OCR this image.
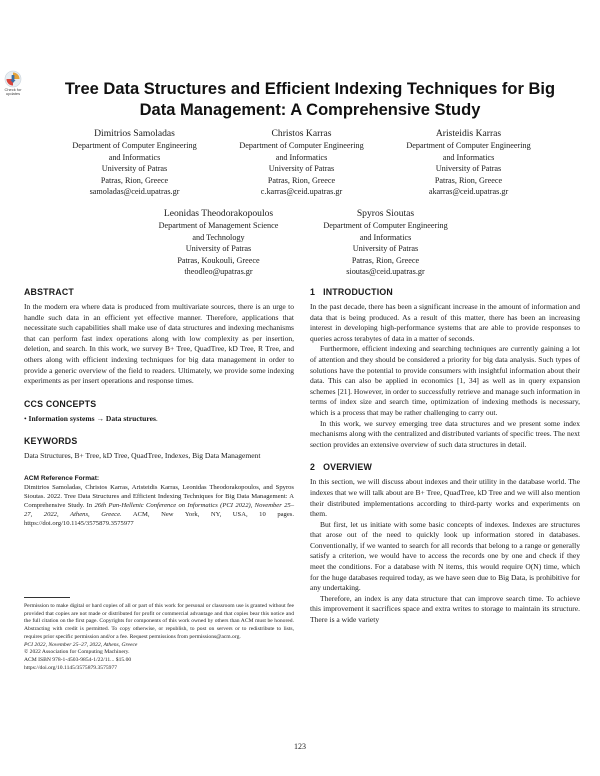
Check for updates	Tree Data Structures and Efficient Indexing Techniques for Big
Data Management: A Comprehensive Study
Dimitrios Samoladas
Department of Computer Engineering
and Informatics
University of Patras
Patras, Rion, Greece
samoladas@ceid.upatras.gr
Christos Karras
Department of Computer Engineering
and Informatics
University of Patras
Patras, Rion, Greece
c.karras@ceid.upatras.gr
Aristeidis Karras
Department of Computer Engineering
and Informatics
University of Patras
Patras, Rion, Greece
akarras@ceid.upatras.gr
Leonidas Theodorakopoulos
Department of Management Science
and Technology
University of Patras
Patras, Koukouli, Greece
theodleo@upatras.gr
Spyros Sioutas
Department of Computer Engineering
and Informatics
University of Patras
Patras, Rion, Greece
sioutas@ceid.upatras.gr
ABSTRACT

In the modern era where data is produced from multivariate sources, there is an urge to handle such data in an efficient yet effective manner. Therefore, applications that necessitate such capabilities shall make use of data structures and indexing mechanisms that can perform fast index operations along with low complexity as per insertion, deletion, and search. In this work, we survey B+ Tree, QuadTree, kD Tree, R Tree, and others along with efficient indexing techniques for big data management in order to provide a generic overview of the field to readers. Ultimately, we provide some indexing experiments as per insert operations and response times.

CCS CONCEPTS
• Information systems → Data structures.
KEYWORDS

Data Structures, B+ Tree, kD Tree, QuadTree, Indexes, Big Data Management

ACM Reference Format:
Dimitrios Samoladas, Christos Karras, Aristeidis Karras, Leonidas Theodorakopoulos, and Spyros Sioutas. 2022. Tree Data Structures and Efficient Indexing Techniques for Big Data Management: A Comprehensive Study. In 26th Pan-Hellenic Conference on Informatics (PCI 2022), November 25–27, 2022, Athens, Greece. ACM, New York, NY, USA, 10 pages. https://doi.org/10.1145/3575879.3575977
Permission to make digital or hard copies of all or part of this work for personal or classroom use is granted without fee provided that copies are not made or distributed for profit or commercial advantage and that copies bear this notice and the full citation on the first page. Copyrights for components of this work owned by others than ACM must be honored. Abstracting with credit is permitted. To copy otherwise, or republish, to post on servers or to redistribute to lists, requires prior specific permission and/or a fee. Request permissions from permissions@acm.org.
PCI 2022, November 25–27, 2022, Athens, Greece
© 2022 Association for Computing Machinery.
ACM ISBN 978-1-4503-9854-1/22/11... $15.00
https://doi.org/10.1145/3575879.3575977
1 INTRODUCTION

In the past decade, there has been a significant increase in the amount of information and data that is being produced. As a result of this matter, there has been an increasing interest in developing high-performance systems that are able to provide responses to queries across terabytes of data in a matter of seconds.

Furthermore, efficient indexing and searching techniques are currently gaining a lot of attention and they should be considered a priority for big data analysis. Such types of solutions have the potential to provide consumers with insightful information about their data. This can also be applied in economics [1, 34] as well as in query expansion schemes [21]. However, in order to successfully retrieve and manage such information in terms of index size and search time, optimization of indexing methods is necessary, which is a process that may be rather challenging to carry out.

In this work, we survey emerging tree data structures and we present some index mechanisms along with the centralized and distributed variants of specific trees. The next section provides an extensive overview of such data structures in detail.

2 OVERVIEW

In this section, we will discuss about indexes and their utility in the database world. The indexes that we will talk about are B+ Tree, QuadTree, kD Tree and we will also mention their distributed implementations according to third-party works and experiments on them.

But first, let us initiate with some basic concepts of indexes. Indexes are structures that arose out of the need to quickly look up information stored in databases. Conventionally, if we wanted to search for all records that belong to a range or generally satisfy a criterion, we would have to access the records one by one and check if they meet the conditions. For a database with N items, this would require O(N) time, which for the huge databases required today, as we have seen due to Big Data, is prohibitive for any undertaking.

Therefore, an index is any data structure that can improve search time. To achieve this improvement it sacrifices space and extra writes to storage to maintain its structure. There is a wide variety

123
